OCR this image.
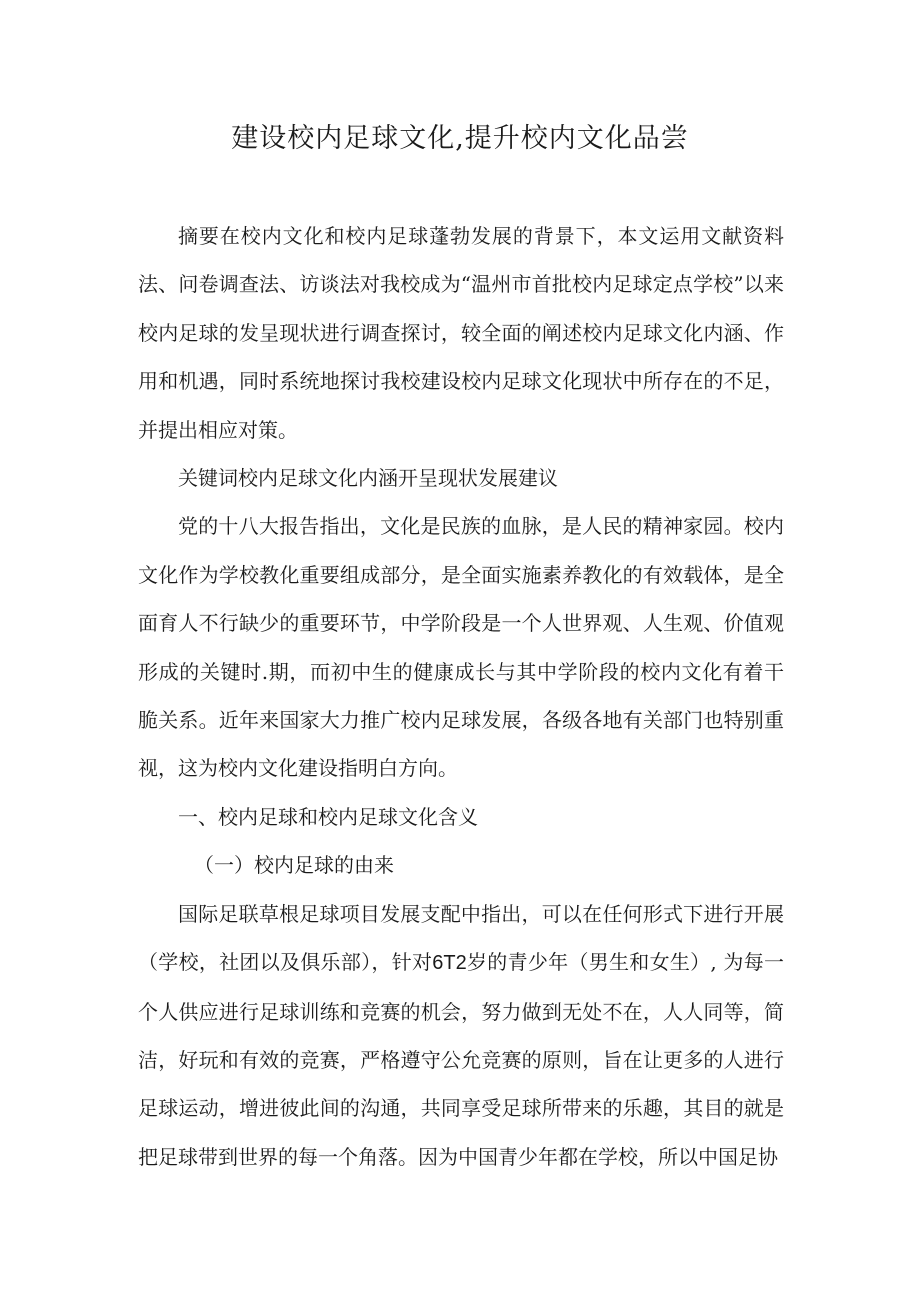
建设校内足球文化,提升校内文化品尝

摘要在校内文化和校内足球蓬勃发展的背景下，本文运用文献资料法、问卷调查法、访谈法对我校成为“温州市首批校内足球定点学校”以来校内足球的发呈现状进行调查探讨，较全面的阐述校内足球文化内涵、作用和机遇，同时系统地探讨我校建设校内足球文化现状中所存在的不足，并提出相应对策。

关键词校内足球文化内涵开呈现状发展建议

党的十八大报告指出，文化是民族的血脉，是人民的精神家园。校内文化作为学校教化重要组成部分，是全面实施素养教化的有效载体，是全面育人不行缺少的重要环节，中学阶段是一个人世界观、人生观、价值观形成的关键时.期，而初中生的健康成长与其中学阶段的校内文化有着干脆关系。近年来国家大力推广校内足球发展，各级各地有关部门也特别重视，这为校内文化建设指明白方向。

一、校内足球和校内足球文化含义

（一）校内足球的由来

国际足联草根足球项目发展支配中指出，可以在任何形式下进行开展（学校，社团以及俱乐部），针对6T2岁的青少年（男生和女生）, 为每一个人供应进行足球训练和竞赛的机会，努力做到无处不在，人人同等，简洁，好玩和有效的竞赛，严格遵守公允竞赛的原则，旨在让更多的人进行足球运动，增进彼此间的沟通，共同享受足球所带来的乐趣，其目的就是把足球带到世界的每一个角落。因为中国青少年都在学校，所以中国足协
